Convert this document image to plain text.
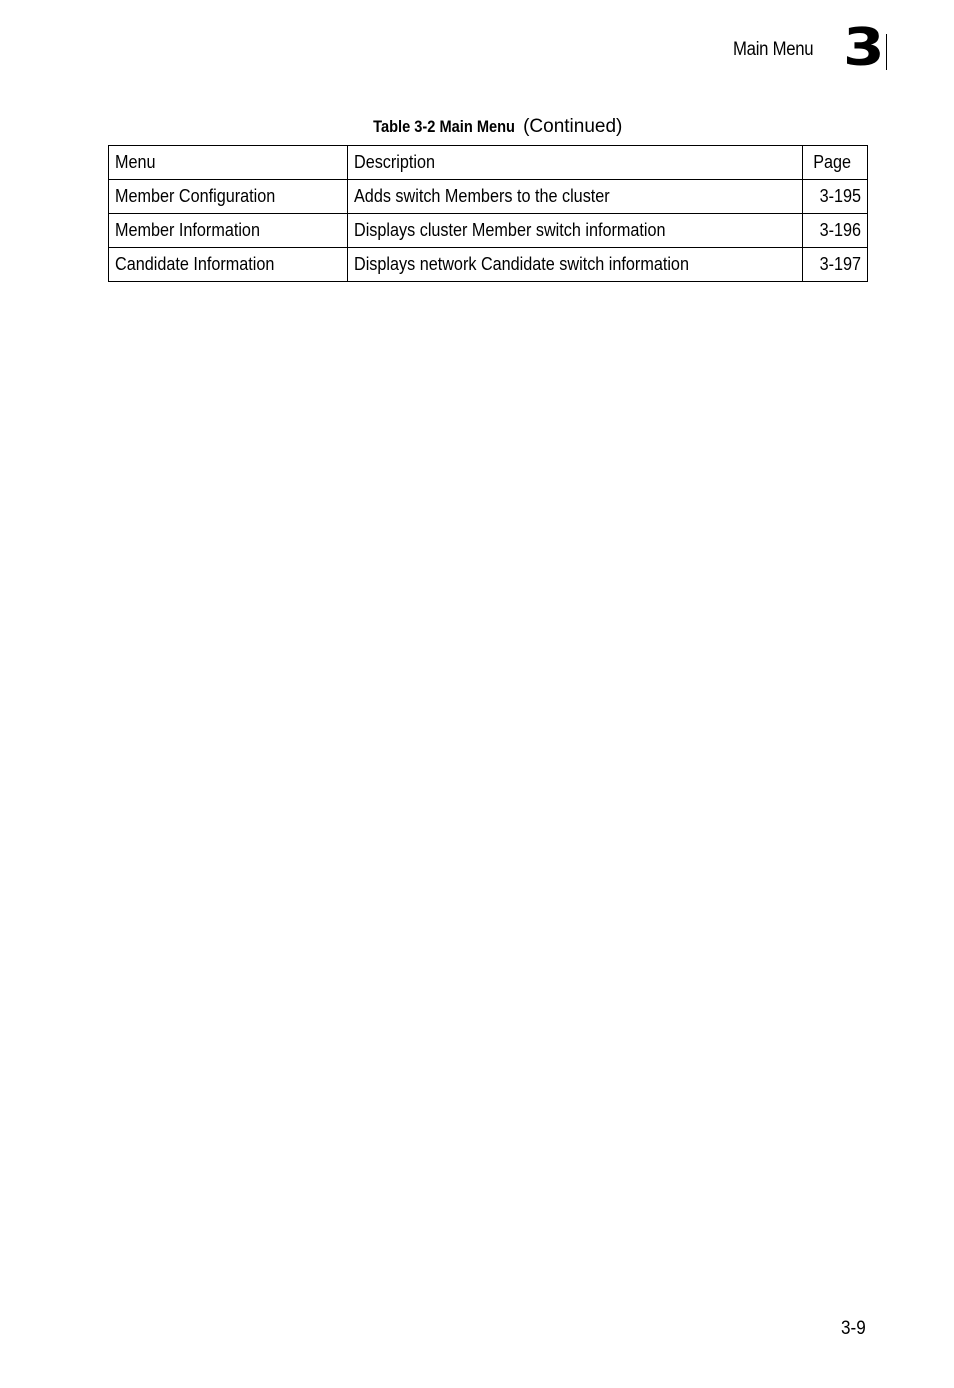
Main Menu 3
Table 3-2 Main Menu (Continued)
Menu	Description	Page
Member Configuration	Adds switch Members to the cluster	3-195
Member Information	Displays cluster Member switch information	3-196
Candidate Information	Displays network Candidate switch information	3-197
3-9
